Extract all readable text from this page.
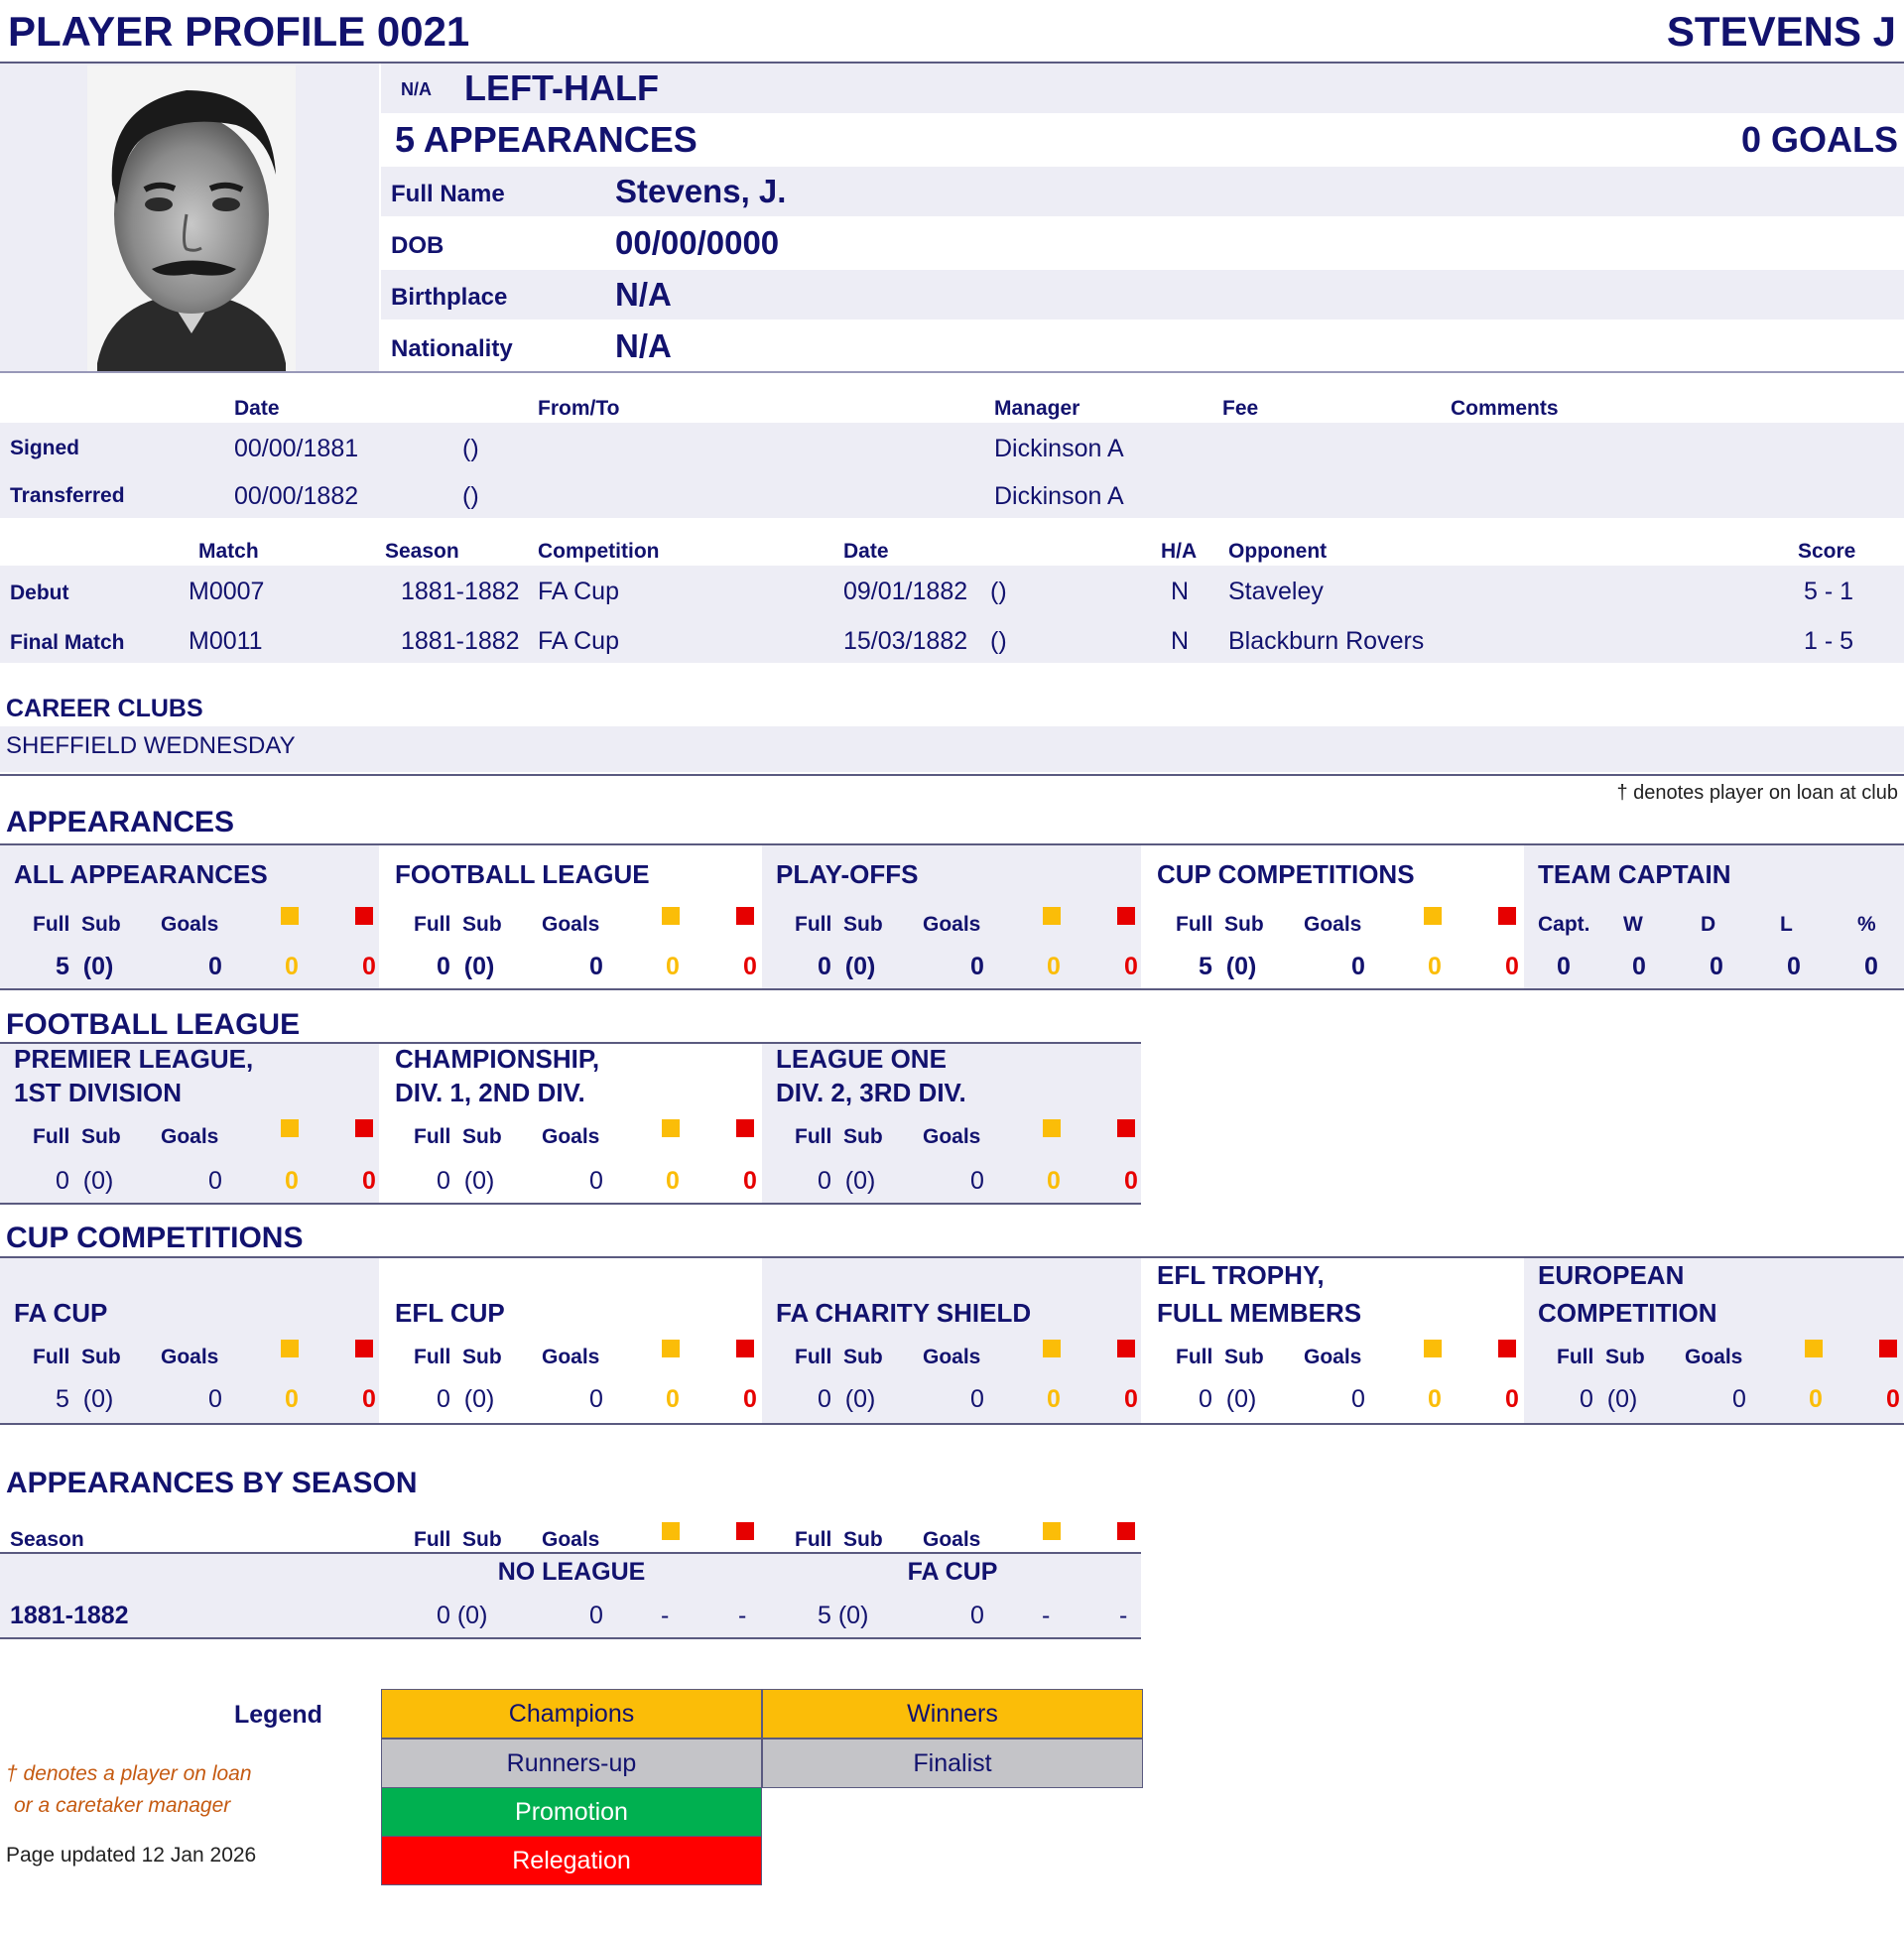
PLAYER PROFILE 0021	STEVENS J
N/A LEFT-HALF
5 APPEARANCES	0 GOALS
Full Name	Stevens, J.
DOB	00/00/0000
Birthplace	N/A
Nationality	N/A
Date	From/To	Manager	Fee	Comments
Signed	00/00/1881	()	Dickinson A
Transferred	00/00/1882	()	Dickinson A
Match	Season	Competition	Date	H/A Opponent	Score
Debut	M0007	1881-1882 FA Cup	09/01/1882 ()	N Staveley	5 - 1
Final Match	M0011	1881-1882 FA Cup	15/03/1882 ()	N Blackburn Rovers	1 - 5
CAREER CLUBS
SHEFFIELD WEDNESDAY
† denotes player on loan at club
APPEARANCES
ALL APPEARANCES
Full  Sub Goals
5  (0)	0	0	0
FOOTBALL LEAGUE
Full  Sub Goals
0  (0)	0	0	0
PLAY-OFFS
Full  Sub Goals
0  (0)	0	0	0
CUP COMPETITIONS
Full  Sub Goals
5  (0)	0	0	0
TEAM CAPTAIN
Capt.
0
W
0
D
0
L
0
%
0
FOOTBALL LEAGUE
PREMIER LEAGUE,
1ST DIVISION
Full  Sub Goals
0  (0)	0	0	0
CHAMPIONSHIP,
DIV. 1, 2ND DIV.
Full  Sub Goals
0  (0)	0	0	0
LEAGUE ONE
DIV. 2, 3RD DIV.
Full  Sub Goals
0  (0)	0	0	0
CUP COMPETITIONS
FA CUP
Full  Sub Goals
5  (0)	0	0	0
EFL CUP
Full  Sub Goals
0  (0)	0	0	0
FA CHARITY SHIELD
Full  Sub Goals
0  (0)	0	0	0
EFL TROPHY,
FULL MEMBERS
Full  Sub Goals
0  (0)	0	0	0
EUROPEAN
COMPETITION
Full  Sub Goals
0  (0)	0	0	0
APPEARANCES BY SEASON
Season	Full  Sub Goals	Full  Sub Goals
NO LEAGUE	FA CUP
1881-1882	0 (0)	0 -	-	5 (0)	0 -	-
Legend	Champions	Winners
Runners-up	Finalist
Promotion
Relegation
† denotes a player on loan
or a caretaker manager
Page updated 12 Jan 2026
